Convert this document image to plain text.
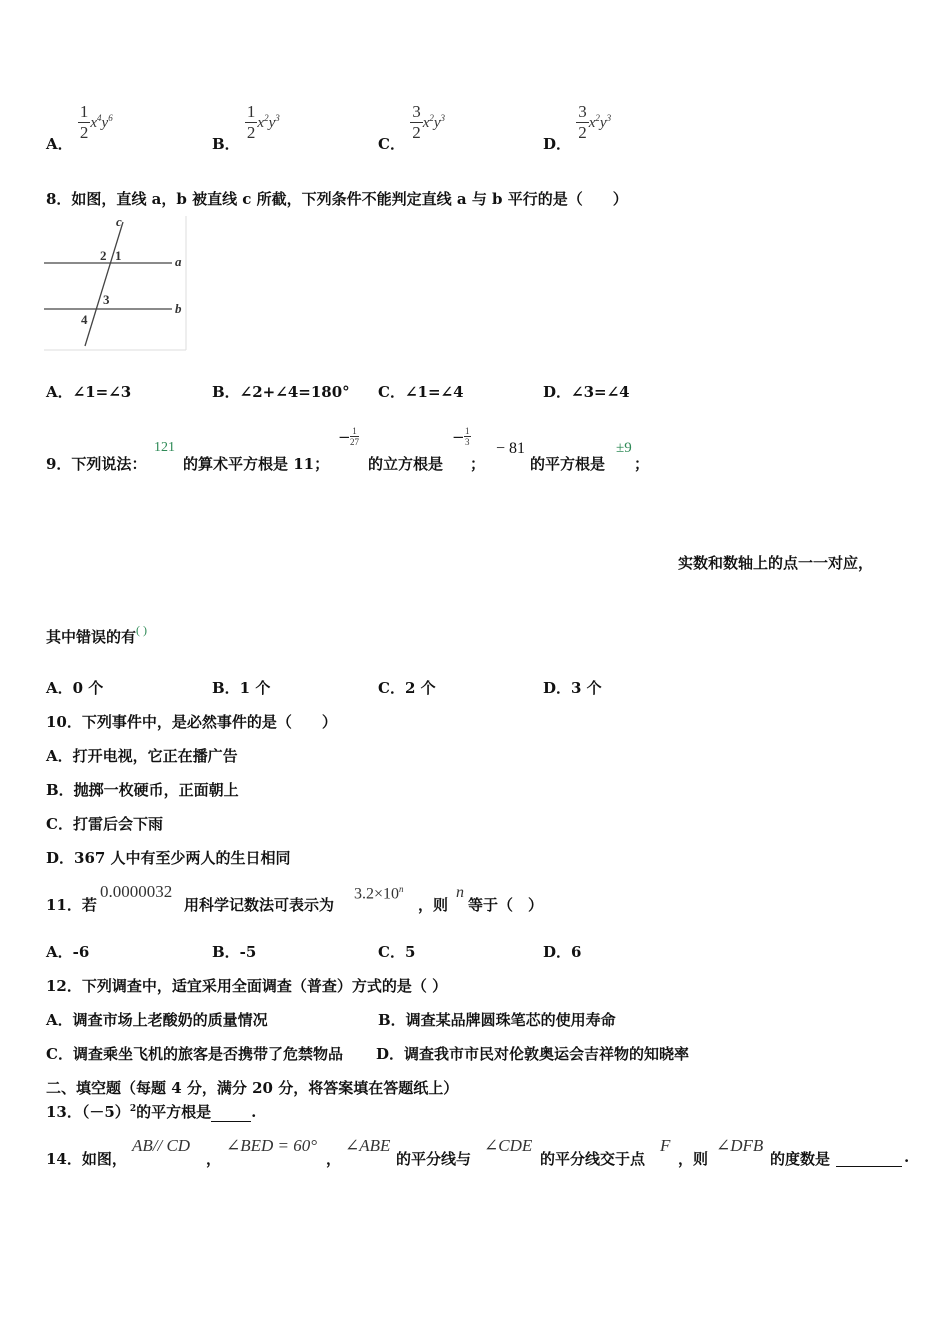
A．
$\frac{1}{2} x^4y^6$
B．
$\frac{1}{2} x^2y^3$
C．
$\frac{3}{2} x^2y^3$
D．
$\frac{3}{2} x^2y^3$
8．如图，直线 a，b 被直线 c 所截，下列条件不能判定直线 a 与 b 平行的是（　　）
c
a
b
2 1
3
4
A．∠1=∠3	B．∠2+∠4=180° C．∠1=∠4	D．∠3=∠4
9．下列说法：
121
的算术平方根是 11；
− $\frac{1}{27}$
的立方根是
− $\frac{1}{3}$
；
− 81
的平方根是
±9
；
实数和数轴上的点一一对应，
其中错误的有( )
A．0 个	B．1 个	C．2 个	D．3 个
10．下列事件中，是必然事件的是（　　）
A．打开电视，它正在播广告
B．抛掷一枚硬币，正面朝上
C．打雷后会下雨
D．367 人中有至少两人的生日相同
11．若
0.0000032
用科学记数法可表示为
$3.2\times 10^n$
，则
n
等于（　）
A．-6	B．-5	C．5	D．6
12．下列调查中，适宜采用全面调查（普查）方式的是（ ）
A．调查市场上老酸奶的质量情况	B．调查某品牌圆珠笔芯的使用寿命
C．调查乘坐飞机的旅客是否携带了危禁物品 D．调查我市市民对伦敦奥运会吉祥物的知晓率
二、填空题（每题 4 分，满分 20 分，将答案填在答题纸上）
13．$(-5)^2$的平方根是	.
14．如图，
AB// CD
，
∠BED = 60°
，
∠ABE
的平分线与
∠CDE
的平分线交于点
F
，则
∠DFB
的度数是
	.
